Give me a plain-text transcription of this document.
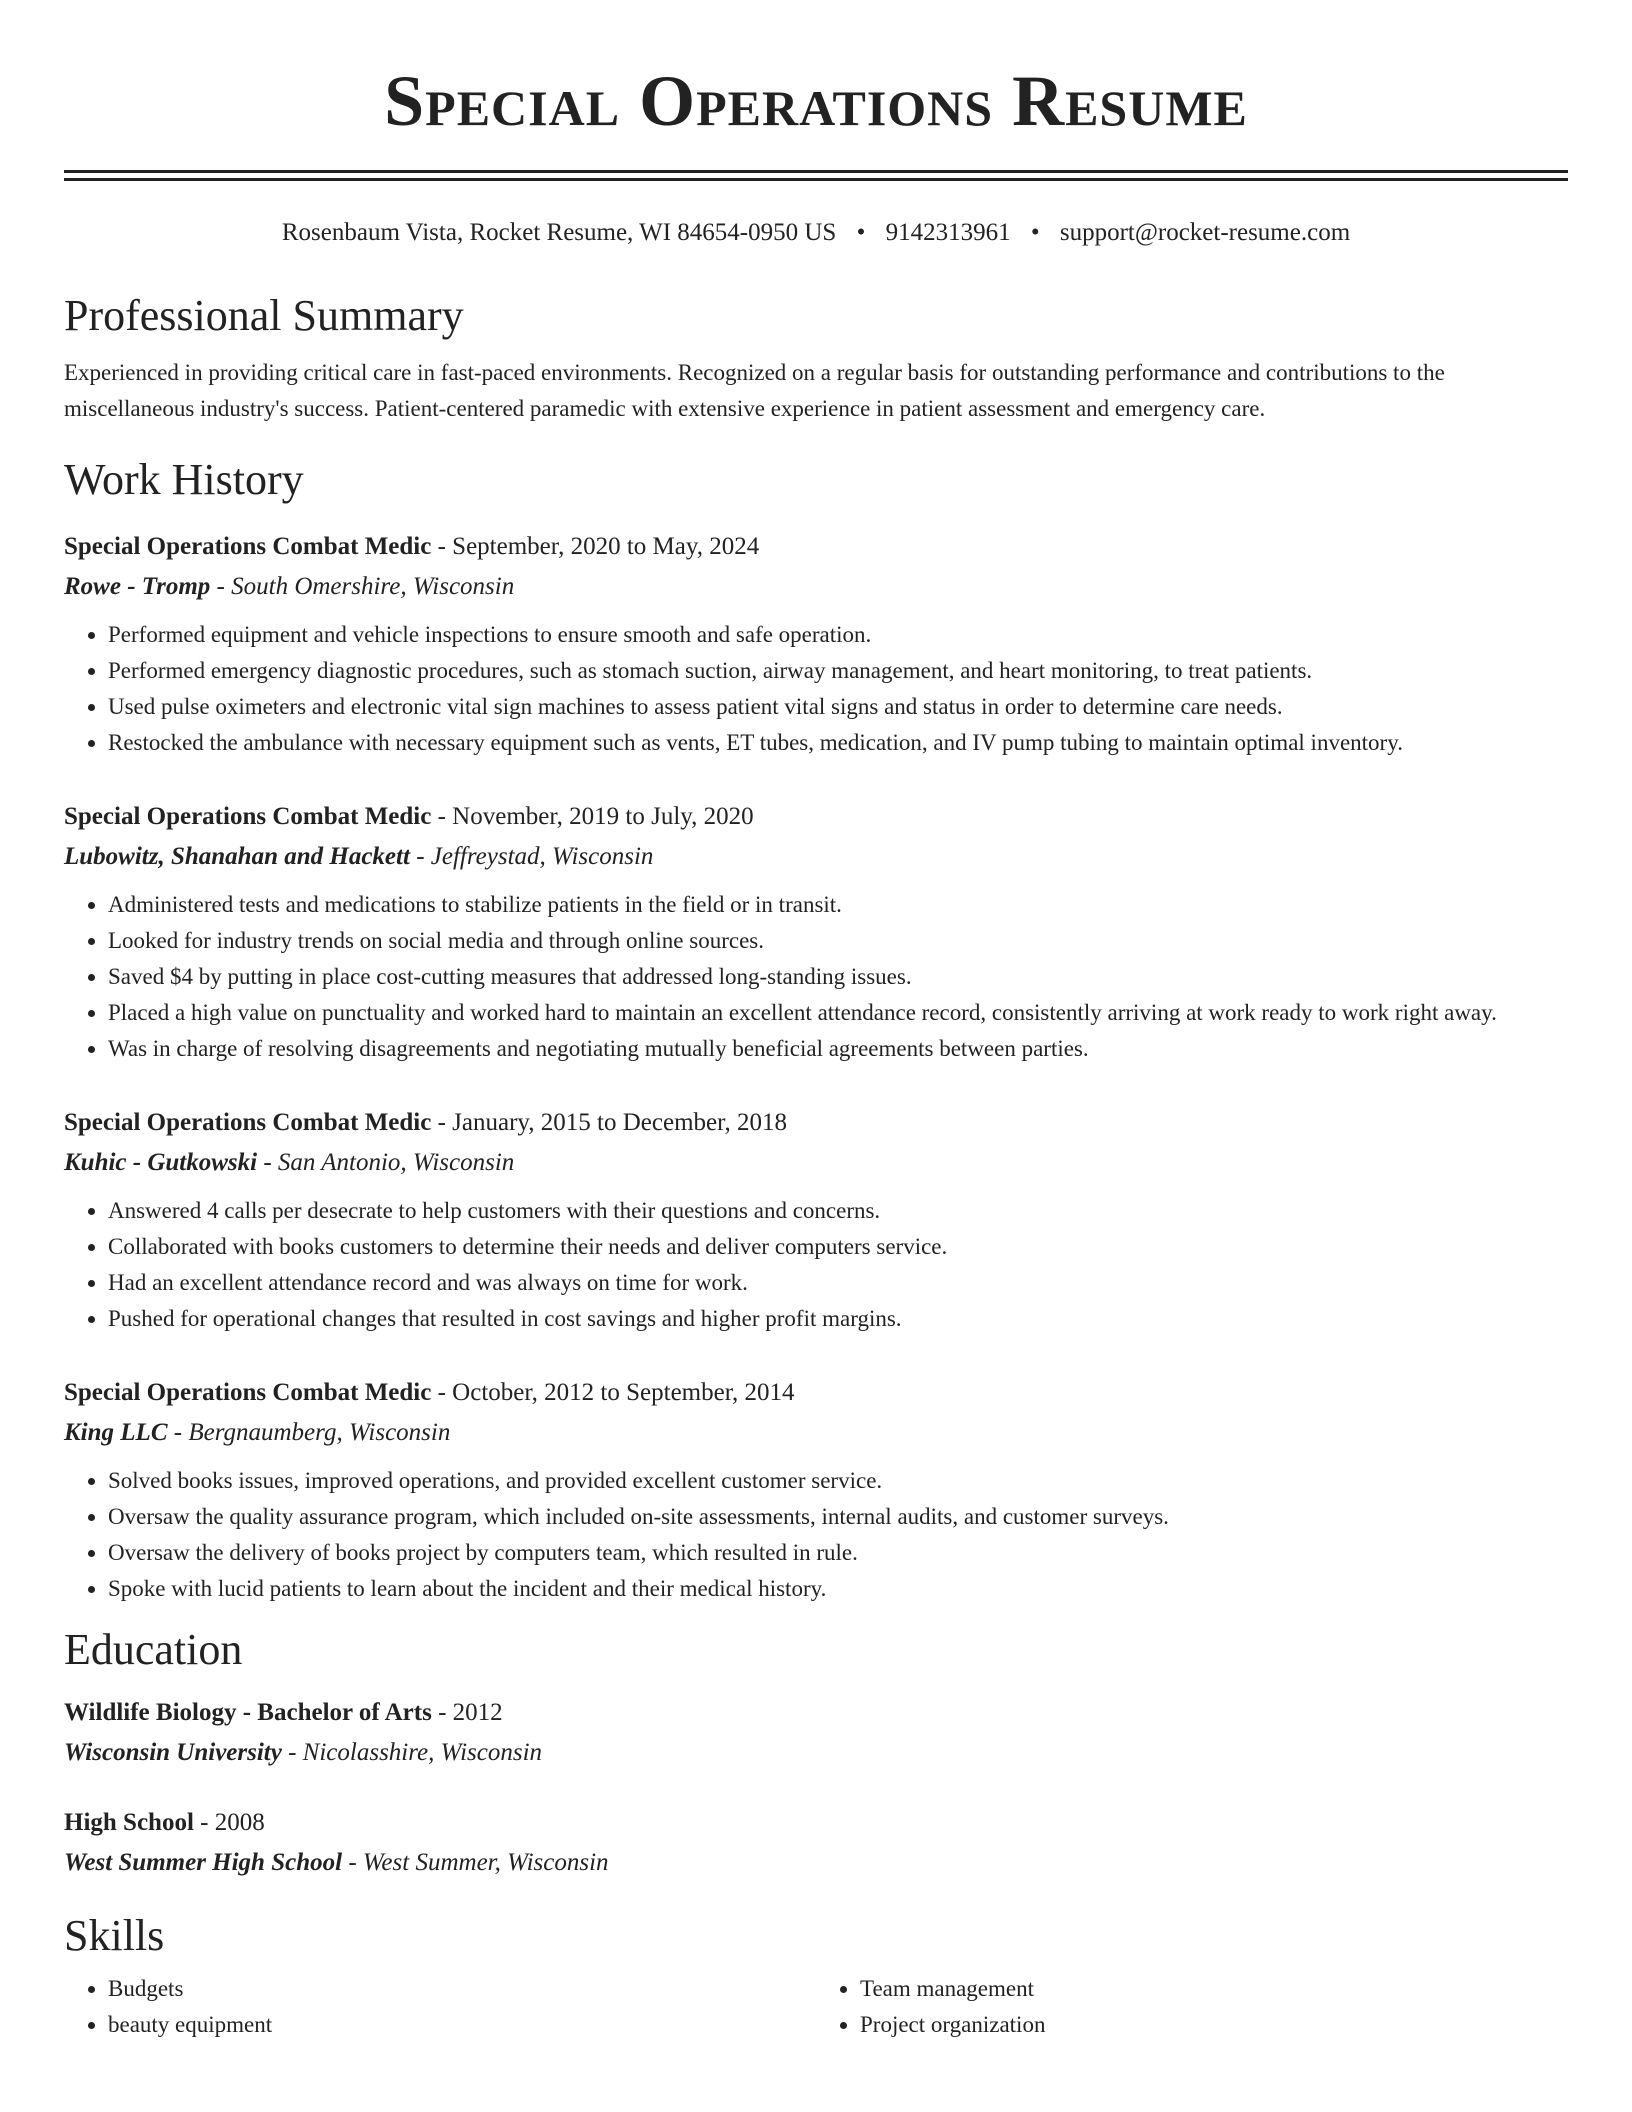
Special Operations Resume
Rosenbaum Vista, Rocket Resume, WI 84654-0950 US • 9142313961 • support@rocket-resume.com
Professional Summary
Experienced in providing critical care in fast-paced environments. Recognized on a regular basis for outstanding performance and contributions to the miscellaneous industry's success. Patient-centered paramedic with extensive experience in patient assessment and emergency care.
Work History
Special Operations Combat Medic - September, 2020 to May, 2024
Rowe - Tromp - South Omershire, Wisconsin
• Performed equipment and vehicle inspections to ensure smooth and safe operation.
• Performed emergency diagnostic procedures, such as stomach suction, airway management, and heart monitoring, to treat patients.
• Used pulse oximeters and electronic vital sign machines to assess patient vital signs and status in order to determine care needs.
• Restocked the ambulance with necessary equipment such as vents, ET tubes, medication, and IV pump tubing to maintain optimal inventory.
Special Operations Combat Medic - November, 2019 to July, 2020
Lubowitz, Shanahan and Hackett - Jeffreystad, Wisconsin
• Administered tests and medications to stabilize patients in the field or in transit.
• Looked for industry trends on social media and through online sources.
• Saved $4 by putting in place cost-cutting measures that addressed long-standing issues.
• Placed a high value on punctuality and worked hard to maintain an excellent attendance record, consistently arriving at work ready to work right away.
• Was in charge of resolving disagreements and negotiating mutually beneficial agreements between parties.
Special Operations Combat Medic - January, 2015 to December, 2018
Kuhic - Gutkowski - San Antonio, Wisconsin
• Answered 4 calls per desecrate to help customers with their questions and concerns.
• Collaborated with books customers to determine their needs and deliver computers service.
• Had an excellent attendance record and was always on time for work.
• Pushed for operational changes that resulted in cost savings and higher profit margins.
Special Operations Combat Medic - October, 2012 to September, 2014
King LLC - Bergnaumberg, Wisconsin
• Solved books issues, improved operations, and provided excellent customer service.
• Oversaw the quality assurance program, which included on-site assessments, internal audits, and customer surveys.
• Oversaw the delivery of books project by computers team, which resulted in rule.
• Spoke with lucid patients to learn about the incident and their medical history.
Education
Wildlife Biology - Bachelor of Arts - 2012
Wisconsin University - Nicolasshire, Wisconsin
High School - 2008
West Summer High School - West Summer, Wisconsin
Skills
• Budgets
• beauty equipment
• Team management
• Project organization
